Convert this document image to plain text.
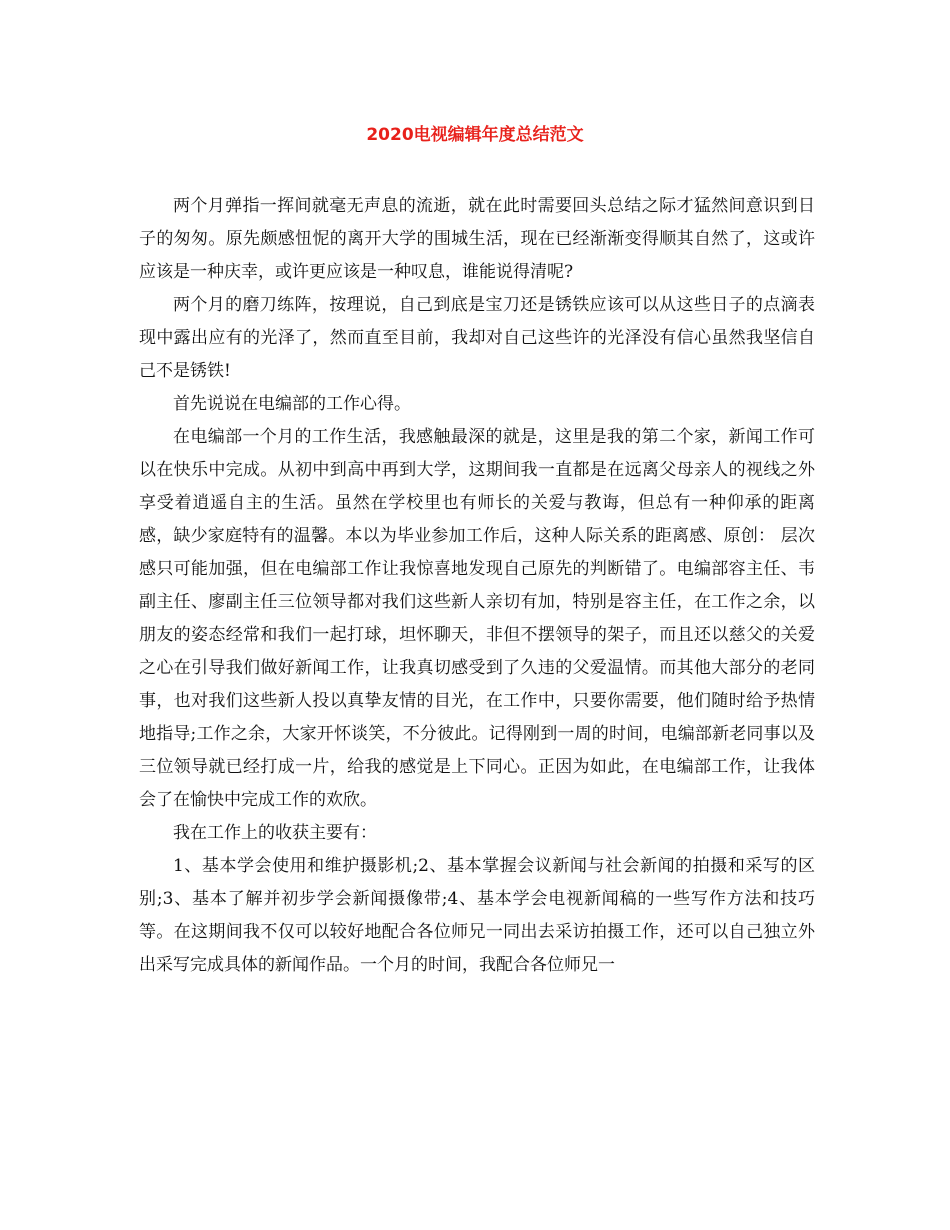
2020电视编辑年度总结范文

两个月弹指一挥间就毫无声息的流逝，就在此时需要回头总结之际才猛然间意识到日子的匆匆。原先颇感忸怩的离开大学的围城生活，现在已经渐渐变得顺其自然了，这或许应该是一种庆幸，或许更应该是一种叹息，谁能说得清呢?

两个月的磨刀练阵，按理说，自己到底是宝刀还是锈铁应该可以从这些日子的点滴表现中露出应有的光泽了，然而直至目前，我却对自己这些许的光泽没有信心虽然我坚信自己不是锈铁!

首先说说在电编部的工作心得。

在电编部一个月的工作生活，我感触最深的就是，这里是我的第二个家，新闻工作可以在快乐中完成。从初中到高中再到大学，这期间我一直都是在远离父母亲人的视线之外享受着逍遥自主的生活。虽然在学校里也有师长的关爱与教诲，但总有一种仰承的距离感，缺少家庭特有的温馨。本以为毕业参加工作后，这种人际关系的距离感、原创： 层次感只可能加强，但在电编部工作让我惊喜地发现自己原先的判断错了。电编部容主任、韦副主任、廖副主任三位领导都对我们这些新人亲切有加，特别是容主任，在工作之余，以朋友的姿态经常和我们一起打球，坦怀聊天，非但不摆领导的架子，而且还以慈父的关爱之心在引导我们做好新闻工作，让我真切感受到了久违的父爱温情。而其他大部分的老同事，也对我们这些新人投以真挚友情的目光，在工作中，只要你需要，他们随时给予热情地指导;工作之余，大家开怀谈笑，不分彼此。记得刚到一周的时间，电编部新老同事以及三位领导就已经打成一片，给我的感觉是上下同心。正因为如此，在电编部工作，让我体会了在愉快中完成工作的欢欣。

我在工作上的收获主要有：

1、基本学会使用和维护摄影机;2、基本掌握会议新闻与社会新闻的拍摄和采写的区别;3、基本了解并初步学会新闻摄像带;4、基本学会电视新闻稿的一些写作方法和技巧等。在这期间我不仅可以较好地配合各位师兄一同出去采访拍摄工作，还可以自己独立外出采写完成具体的新闻作品。一个月的时间，我配合各位师兄一
